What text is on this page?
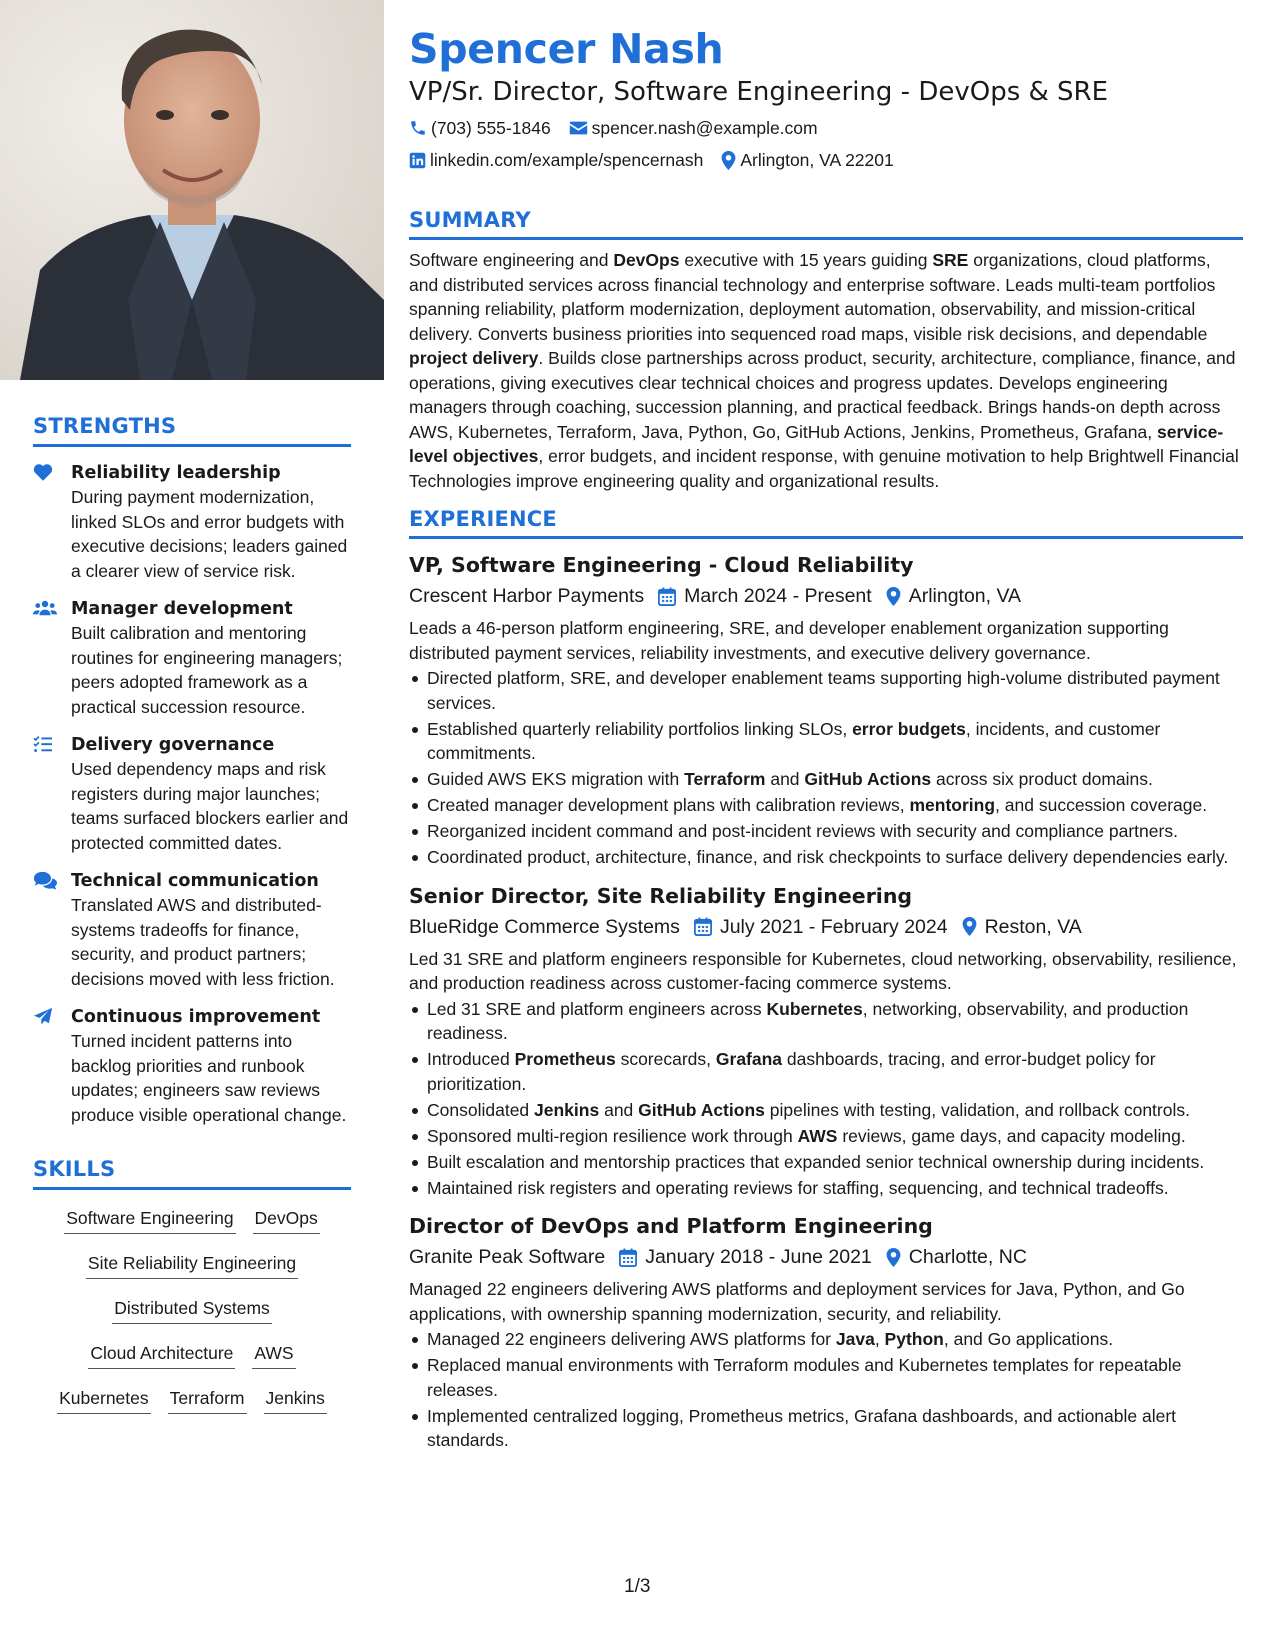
STRENGTHS
Reliability leadership
During payment modernization, linked SLOs and error budgets with executive decisions; leaders gained a clearer view of service risk.
Manager development
Built calibration and mentoring routines for engineering managers; peers adopted framework as a practical succession resource.
Delivery governance
Used dependency maps and risk registers during major launches; teams surfaced blockers earlier and protected committed dates.
Technical communication
Translated AWS and distributed-systems tradeoffs for finance, security, and product partners; decisions moved with less friction.
Continuous improvement
Turned incident patterns into backlog priorities and runbook updates; engineers saw reviews produce visible operational change.
SKILLS
Software Engineering DevOps
Site Reliability Engineering
Distributed Systems
Cloud Architecture AWS
Kubernetes Terraform Jenkins
Spencer Nash
VP/Sr. Director, Software Engineering - DevOps & SRE
(703) 555-1846 spencer.nash@example.com
linkedin.com/example/spencernash Arlington, VA 22201
SUMMARY

Software engineering and DevOps executive with 15 years guiding SRE organizations, cloud platforms, and distributed services across financial technology and enterprise software. Leads multi-team portfolios spanning reliability, platform modernization, deployment automation, observability, and mission-critical delivery. Converts business priorities into sequenced road maps, visible risk decisions, and dependable project delivery. Builds close partnerships across product, security, architecture, compliance, finance, and operations, giving executives clear technical choices and progress updates. Develops engineering managers through coaching, succession planning, and practical feedback. Brings hands-on depth across AWS, Kubernetes, Terraform, Java, Python, Go, GitHub Actions, Jenkins, Prometheus, Grafana, service-level objectives, error budgets, and incident response, with genuine motivation to help Brightwell Financial Technologies improve engineering quality and organizational results.

EXPERIENCE
VP, Software Engineering - Cloud Reliability
Crescent Harbor Payments March 2024 - Present Arlington, VA
Leads a 46-person platform engineering, SRE, and developer enablement organization supporting distributed payment services, reliability investments, and executive delivery governance.
Directed platform, SRE, and developer enablement teams supporting high-volume distributed payment services.
Established quarterly reliability portfolios linking SLOs, error budgets, incidents, and customer commitments.
Guided AWS EKS migration with Terraform and GitHub Actions across six product domains.
Created manager development plans with calibration reviews, mentoring, and succession coverage.
Reorganized incident command and post-incident reviews with security and compliance partners.
Coordinated product, architecture, finance, and risk checkpoints to surface delivery dependencies early.
Senior Director, Site Reliability Engineering
BlueRidge Commerce Systems July 2021 - February 2024 Reston, VA
Led 31 SRE and platform engineers responsible for Kubernetes, cloud networking, observability, resilience, and production readiness across customer-facing commerce systems.
Led 31 SRE and platform engineers across Kubernetes, networking, observability, and production readiness.
Introduced Prometheus scorecards, Grafana dashboards, tracing, and error-budget policy for prioritization.
Consolidated Jenkins and GitHub Actions pipelines with testing, validation, and rollback controls.
Sponsored multi-region resilience work through AWS reviews, game days, and capacity modeling.
Built escalation and mentorship practices that expanded senior technical ownership during incidents.
Maintained risk registers and operating reviews for staffing, sequencing, and technical tradeoffs.
Director of DevOps and Platform Engineering
Granite Peak Software January 2018 - June 2021 Charlotte, NC
Managed 22 engineers delivering AWS platforms and deployment services for Java, Python, and Go applications, with ownership spanning modernization, security, and reliability.
Managed 22 engineers delivering AWS platforms for Java, Python, and Go applications.
Replaced manual environments with Terraform modules and Kubernetes templates for repeatable releases.
Implemented centralized logging, Prometheus metrics, Grafana dashboards, and actionable alert standards.
1/3
